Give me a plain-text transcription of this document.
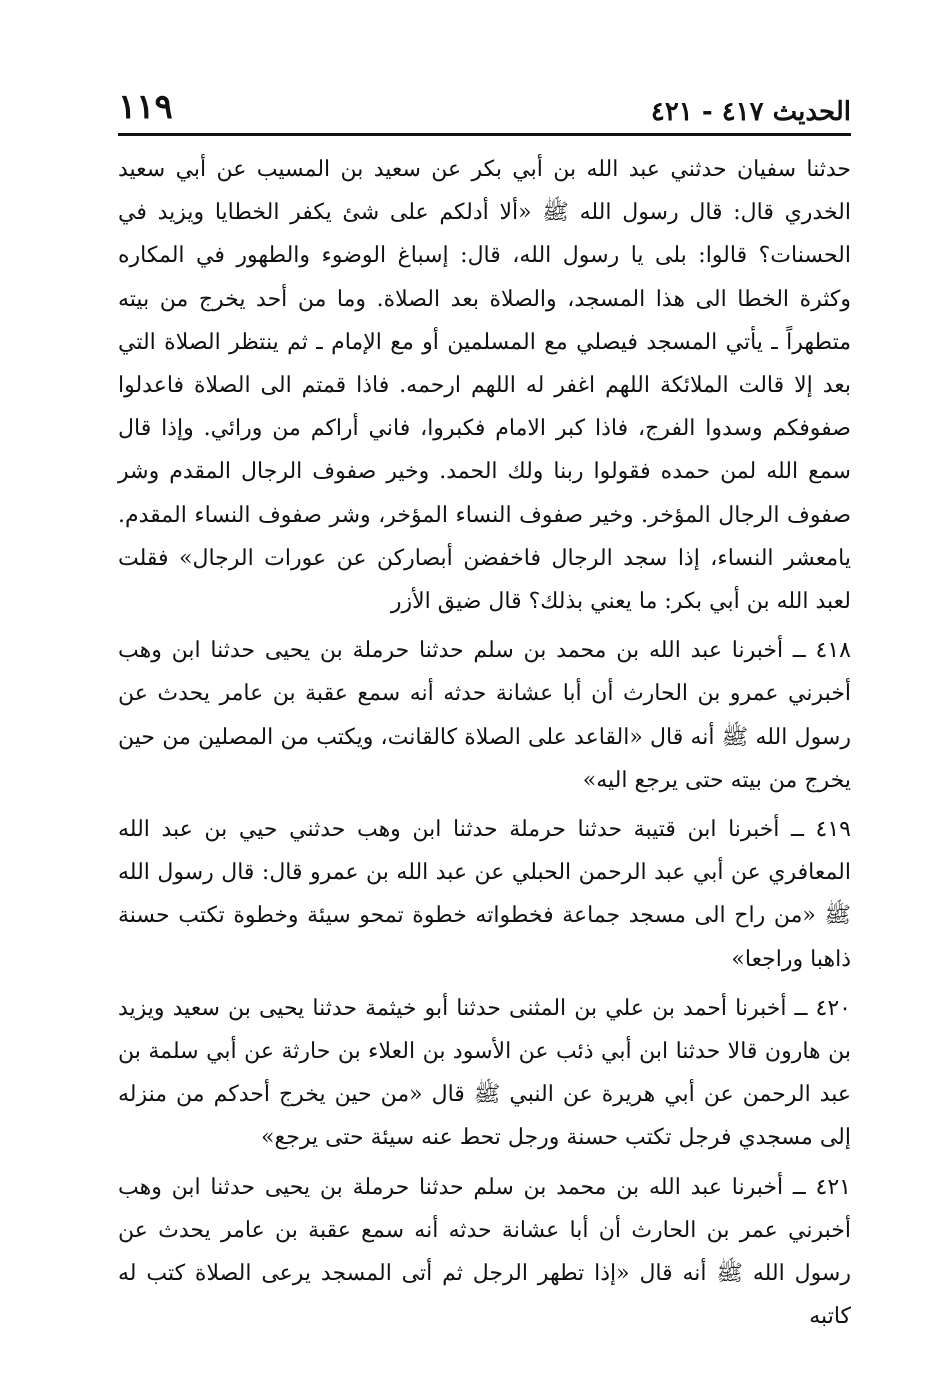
الحديث ٤١٧ - ٤٢١
١١٩

حدثنا سفيان حدثني عبد الله بن أبي بكر عن سعيد بن المسيب عن أبي سعيد الخدري قال: قال رسول الله ﷺ «ألا أدلكم على شئ يكفر الخطايا ويزيد في الحسنات؟ قالوا: بلى يا رسول الله، قال: إسباغ الوضوء والطهور في المكاره وكثرة الخطا الى هذا المسجد، والصلاة بعد الصلاة. وما من أحد يخرج من بيته متطهراً ـ يأتي المسجد فيصلي مع المسلمين أو مع الإمام ـ ثم ينتظر الصلاة التي بعد إلا قالت الملائكة اللهم اغفر له اللهم ارحمه. فاذا قمتم الى الصلاة فاعدلوا صفوفكم وسدوا الفرج، فاذا كبر الامام فكبروا، فاني أراكم من ورائي. وإذا قال سمع الله لمن حمده فقولوا ربنا ولك الحمد. وخير صفوف الرجال المقدم وشر صفوف الرجال المؤخر. وخير صفوف النساء المؤخر، وشر صفوف النساء المقدم. يامعشر النساء، إذا سجد الرجال فاخفضن أبصاركن عن عورات الرجال» فقلت لعبد الله بن أبي بكر: ما يعني بذلك؟ قال ضيق الأزر

٤١٨ ــ أخبرنا عبد الله بن محمد بن سلم حدثنا حرملة بن يحيى حدثنا ابن وهب أخبرني عمرو بن الحارث أن أبا عشانة حدثه أنه سمع عقبة بن عامر يحدث عن رسول الله ﷺ أنه قال «القاعد على الصلاة كالقانت، ويكتب من المصلين من حين يخرج من بيته حتى يرجع اليه»

٤١٩ ــ أخبرنا ابن قتيبة حدثنا حرملة حدثنا ابن وهب حدثني حيي بن عبد الله المعافري عن أبي عبد الرحمن الحبلي عن عبد الله بن عمرو قال: قال رسول الله ﷺ «من راح الى مسجد جماعة فخطواته خطوة تمحو سيئة وخطوة تكتب حسنة ذاهبا وراجعا»

٤٢٠ ــ أخبرنا أحمد بن علي بن المثنى حدثنا أبو خيثمة حدثنا يحيى بن سعيد ويزيد بن هارون قالا حدثنا ابن أبي ذئب عن الأسود بن العلاء بن حارثة عن أبي سلمة بن عبد الرحمن عن أبي هريرة عن النبي ﷺ قال «من حين يخرج أحدكم من منزله إلى مسجدي فرجل تكتب حسنة ورجل تحط عنه سيئة حتى يرجع»

٤٢١ ــ أخبرنا عبد الله بن محمد بن سلم حدثنا حرملة بن يحيى حدثنا ابن وهب أخبرني عمر بن الحارث أن أبا عشانة حدثه أنه سمع عقبة بن عامر يحدث عن رسول الله ﷺ أنه قال «إذا تطهر الرجل ثم أتى المسجد يرعى الصلاة كتب له كاتبه
